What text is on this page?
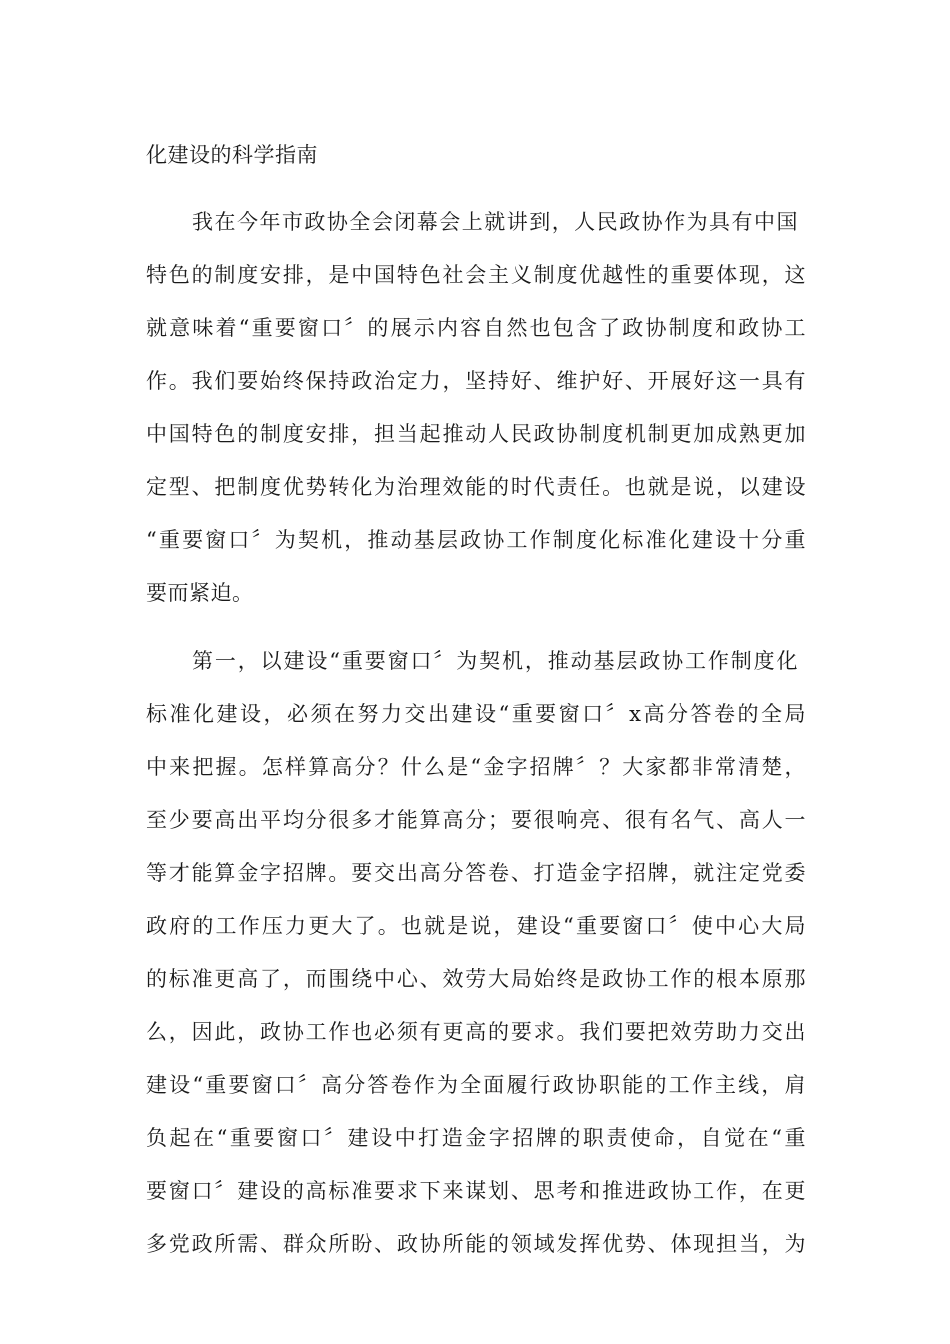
化建设的科学指南
我在今年市政协全会闭幕会上就讲到，人民政协作为具有中国
特色的制度安排，是中国特色社会主义制度优越性的重要体现，这
就意味着“重要窗口〞的展示内容自然也包含了政协制度和政协工
作。我们要始终保持政治定力，坚持好、维护好、开展好这一具有
中国特色的制度安排，担当起推动人民政协制度机制更加成熟更加
定型、把制度优势转化为治理效能的时代责任。也就是说，以建设
“重要窗口〞为契机，推动基层政协工作制度化标准化建设十分重
要而紧迫。
第一，以建设“重要窗口〞为契机，推动基层政协工作制度化
标准化建设，必须在努力交出建设“重要窗口〞x高分答卷的全局
中来把握。怎样算高分？什么是“金字招牌〞？大家都非常清楚，
至少要高出平均分很多才能算高分；要很响亮、很有名气、高人一
等才能算金字招牌。要交出高分答卷、打造金字招牌，就注定党委
政府的工作压力更大了。也就是说，建设“重要窗口〞使中心大局
的标准更高了，而围绕中心、效劳大局始终是政协工作的根本原那
么，因此，政协工作也必须有更高的要求。我们要把效劳助力交出
建设“重要窗口〞高分答卷作为全面履行政协职能的工作主线，肩
负起在“重要窗口〞建设中打造金字招牌的职责使命，自觉在“重
要窗口〞建设的高标准要求下来谋划、思考和推进政协工作，在更
多党政所需、群众所盼、政协所能的领域发挥优势、体现担当，为
